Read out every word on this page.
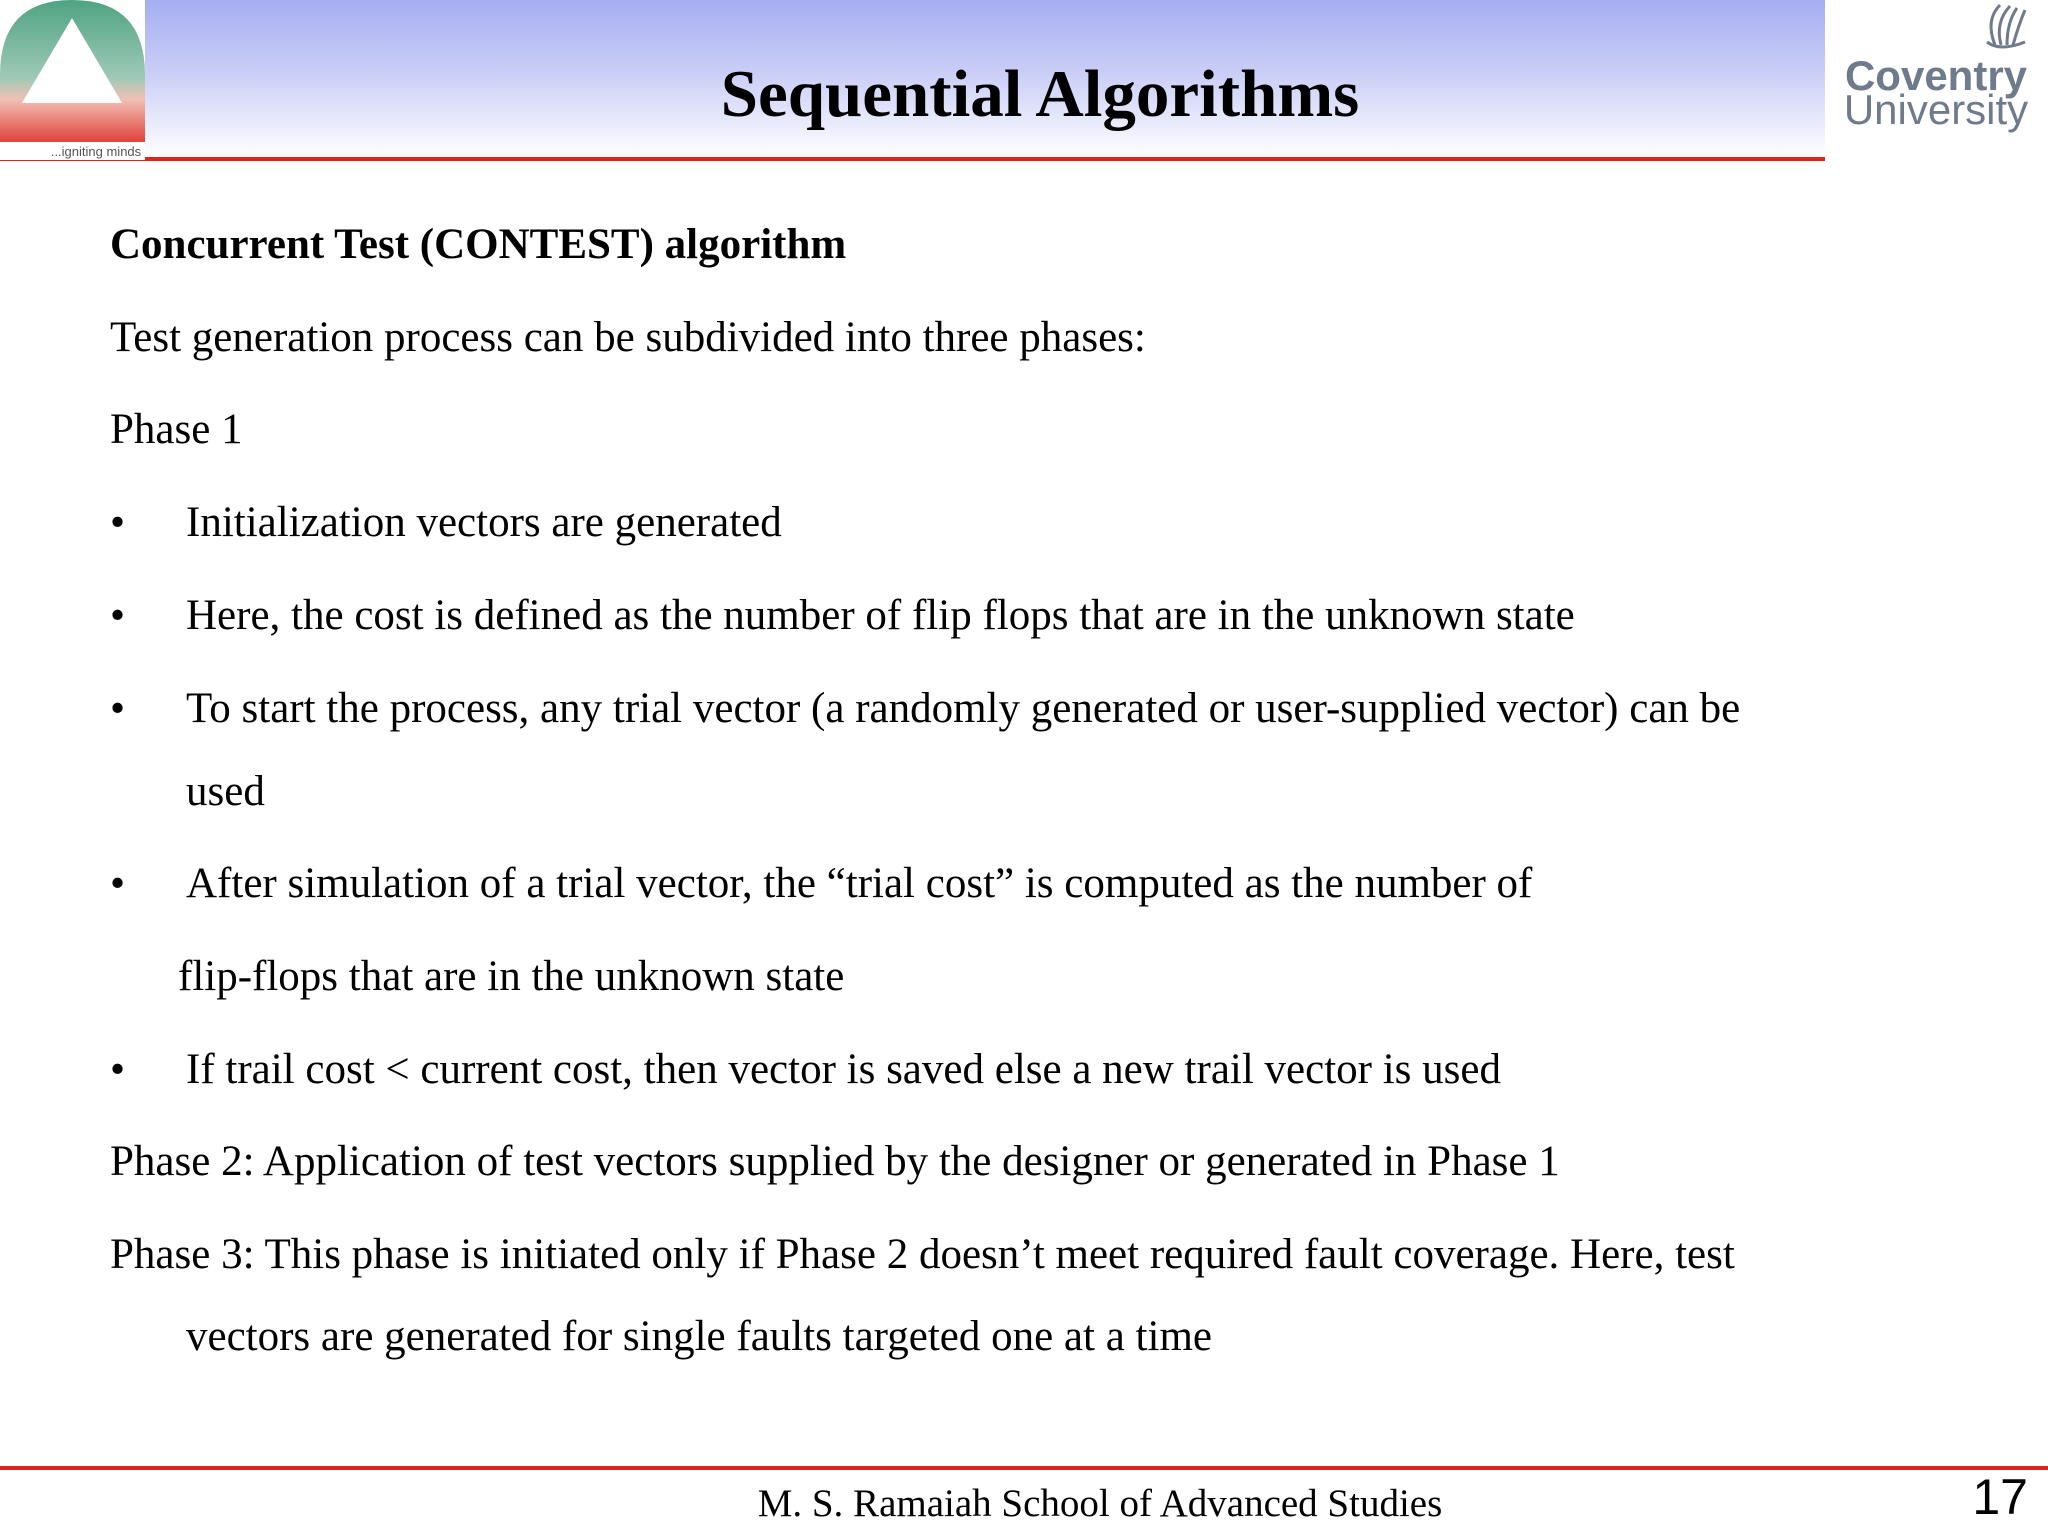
...igniting minds
Coventry
University
Sequential Algorithms
Concurrent Test (CONTEST) algorithm
Test generation process can be subdivided into three phases:
Phase 1
• Initialization vectors are generated
• Here, the cost is defined as the number of flip flops that are in the unknown state
• To start the process, any trial vector (a randomly generated or user-supplied vector) can be
used
• After simulation of a trial vector, the “trial cost” is computed as the number of
flip-flops that are in the unknown state
• If trail cost < current cost, then vector is saved else a new trail vector is used
Phase 2: Application of test vectors supplied by the designer or generated in Phase 1
Phase 3: This phase is initiated only if Phase 2 doesn’t meet required fault coverage. Here, test
vectors are generated for single faults targeted one at a time
M. S. Ramaiah School of Advanced Studies	17
